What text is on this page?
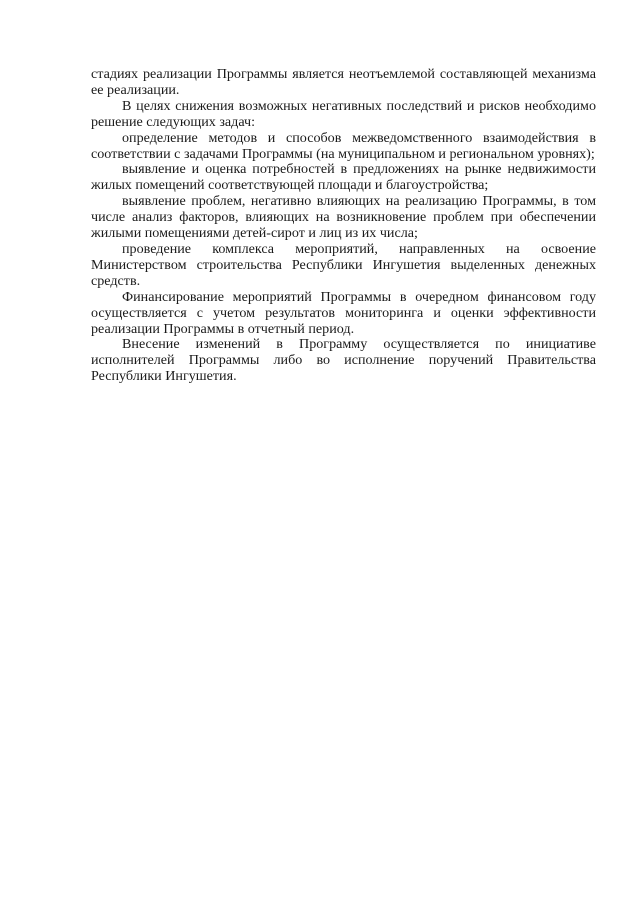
стадиях реализации Программы является неотъемлемой составляющей механизма ее реализации.

В целях снижения возможных негативных последствий и рисков необходимо решение следующих задач:

определение методов и способов межведомственного взаимодействия в соответствии с задачами Программы (на муниципальном и региональном уровнях);

выявление и оценка потребностей в предложениях на рынке недвижимости жилых помещений соответствующей площади и благоустройства;

выявление проблем, негативно влияющих на реализацию Программы, в том числе анализ факторов, влияющих на возникновение проблем при обеспечении жилыми помещениями детей-сирот и лиц из их числа;

проведение комплекса мероприятий, направленных на освоение Министерством строительства Республики Ингушетия выделенных денежных средств.

Финансирование мероприятий Программы в очередном финансовом году осуществляется с учетом результатов мониторинга и оценки эффективности реализации Программы в отчетный период.

Внесение изменений в Программу осуществляется по инициативе исполнителей Программы либо во исполнение поручений Правительства Республики Ингушетия.
